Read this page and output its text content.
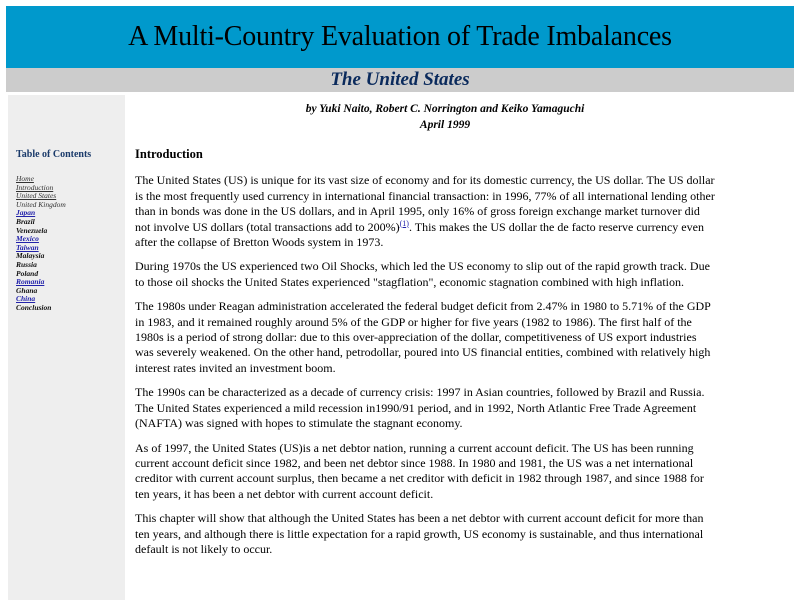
A Multi-Country Evaluation of Trade Imbalances
The United States
Table of Contents
Home
Introduction
United States
United Kingdom
Japan
Brazil
Venezuela
Mexico
Taiwan
Malaysia
Russia
Poland
Romania
Ghana
China
Conclusion
by Yuki Naito, Robert C. Norrington and Keiko Yamaguchi
April 1999
Introduction

The United States (US) is unique for its vast size of economy and for its domestic currency, the US dollar. The US dollar is the most frequently used currency in international financial transaction: in 1996, 77% of all international lending other than in bonds was done in the US dollars, and in April 1995, only 16% of gross foreign exchange market turnover did not involve US dollars (total transactions add to 200%)$^{(1)}$. This makes the US dollar the de facto reserve currency even after the collapse of Bretton Woods system in 1973.

During 1970s the US experienced two Oil Shocks, which led the US economy to slip out of the rapid growth track. Due to those oil shocks the United States experienced "stagflation", economic stagnation combined with high inflation.

The 1980s under Reagan administration accelerated the federal budget deficit from 2.47% in 1980 to 5.71% of the GDP in 1983, and it remained roughly around 5% of the GDP or higher for five years (1982 to 1986). The first half of the 1980s is a period of strong dollar: due to this over-appreciation of the dollar, competitiveness of US export industries was severely weakened. On the other hand, petrodollar, poured into US financial entities, combined with relatively high interest rates invited an investment boom.

The 1990s can be characterized as a decade of currency crisis: 1997 in Asian countries, followed by Brazil and Russia. The United States experienced a mild recession in1990/91 period, and in 1992, North Atlantic Free Trade Agreement (NAFTA) was signed with hopes to stimulate the stagnant economy.

As of 1997, the United States (US)is a net debtor nation, running a current account deficit. The US has been running current account deficit since 1982, and been net debtor since 1988. In 1980 and 1981, the US was a net international creditor with current account surplus, then became a net creditor with deficit in 1982 through 1987, and since 1988 for ten years, it has been a net debtor with current account deficit.

This chapter will show that although the United States has been a net debtor with current account deficit for more than ten years, and although there is little expectation for a rapid growth, US economy is sustainable, and thus international default is not likely to occur.
